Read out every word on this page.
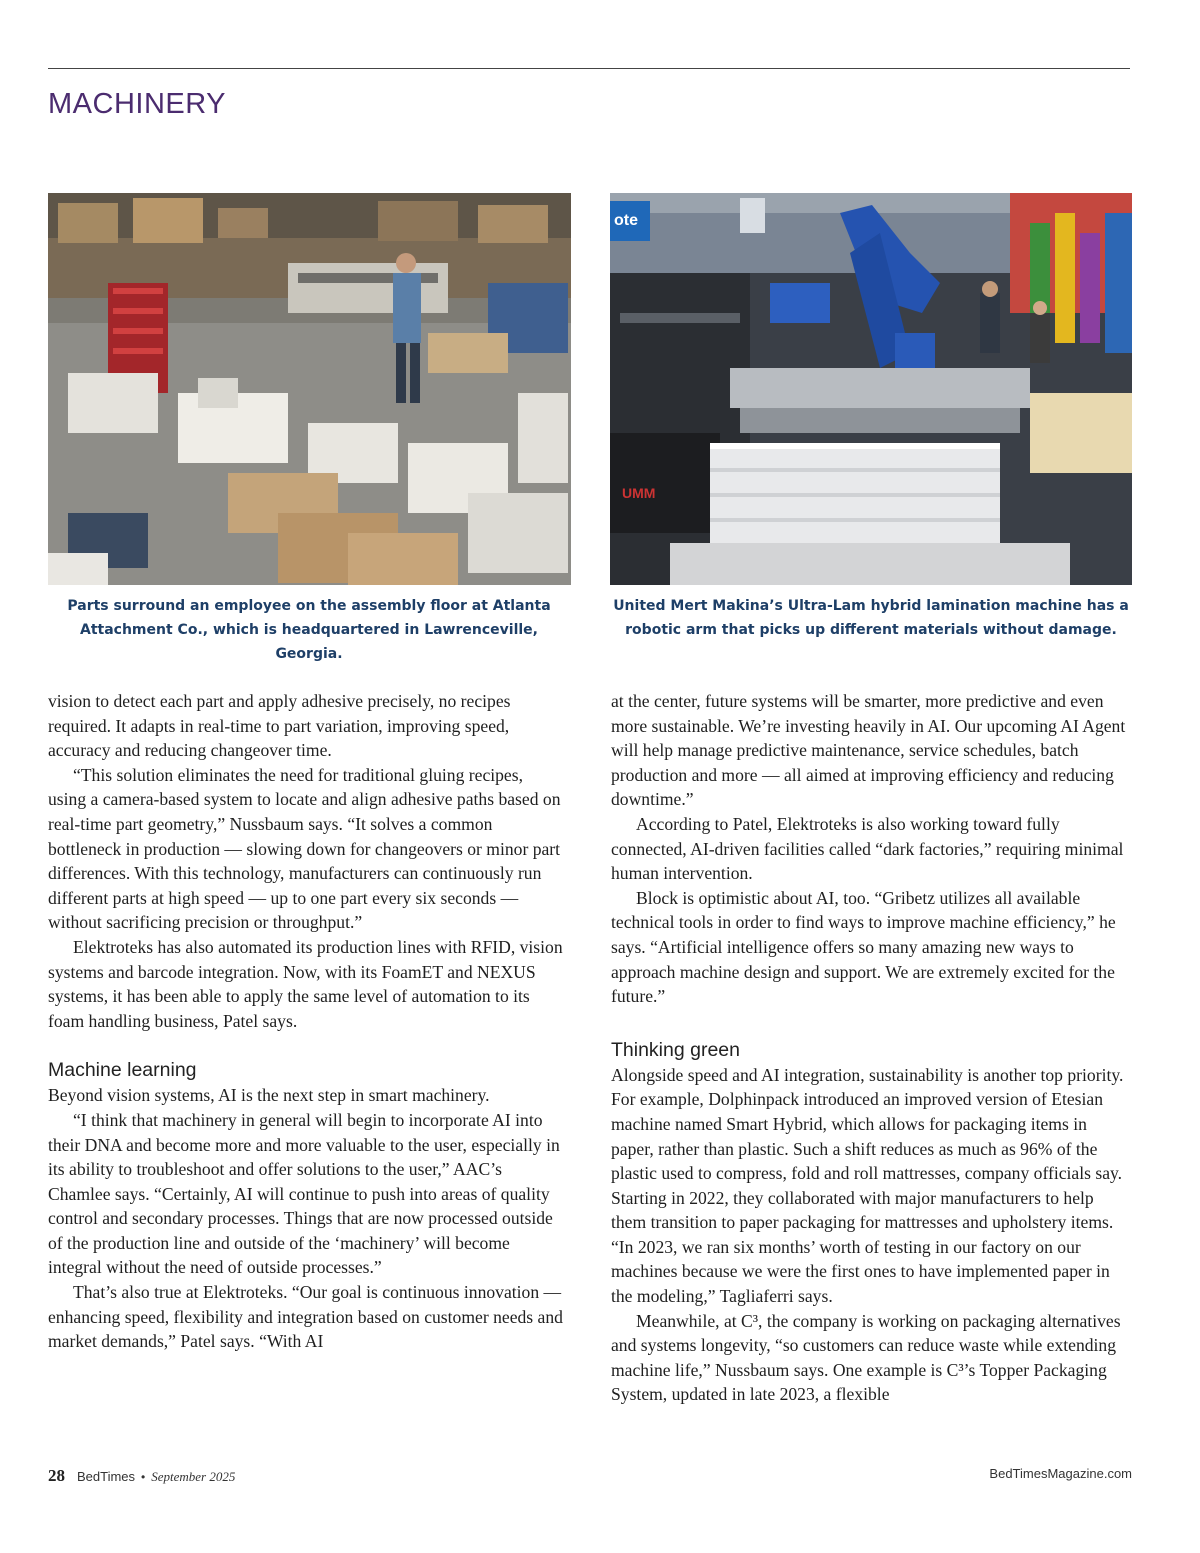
MACHINERY
ote
UMM

Parts surround an employee on the assembly floor at Atlanta Attachment Co., which is headquartered in Lawrenceville, Georgia.

United Mert Makina’s Ultra-Lam hybrid lamination machine has a robotic arm that picks up different materials without damage.

vision to detect each part and apply adhesive precisely, no recipes required. It adapts in real-time to part variation, improving speed, accuracy and reducing changeover time.

“This solution eliminates the need for traditional gluing recipes, using a camera-based system to locate and align adhesive paths based on real-time part geometry,” Nussbaum says. “It solves a common bottleneck in production — slowing down for changeovers or minor part differences. With this technology, manufacturers can continuously run different parts at high speed — up to one part every six seconds — without sacrificing precision or throughput.”

Elektroteks has also automated its production lines with RFID, vision systems and barcode integration. Now, with its FoamET and NEXUS systems, it has been able to apply the same level of automation to its foam handling business, Patel says.

Machine learning

Beyond vision systems, AI is the next step in smart machinery.

“I think that machinery in general will begin to incorporate AI into their DNA and become more and more valuable to the user, especially in its ability to troubleshoot and offer solutions to the user,” AAC’s Chamlee says. “Certainly, AI will continue to push into areas of quality control and secondary processes. Things that are now processed outside of the production line and outside of the ‘machinery’ will become integral without the need of outside processes.”

That’s also true at Elektroteks. “Our goal is continuous innovation — enhancing speed, flexibility and integration based on customer needs and market demands,” Patel says. “With AI

at the center, future systems will be smarter, more predictive and even more sustainable. We’re investing heavily in AI. Our upcoming AI Agent will help manage predictive maintenance, service schedules, batch production and more — all aimed at improving efficiency and reducing downtime.”

According to Patel, Elektroteks is also working toward fully connected, AI-driven facilities called “dark factories,” requiring minimal human intervention.

Block is optimistic about AI, too. “Gribetz utilizes all available technical tools in order to find ways to improve machine efficiency,” he says. “Artificial intelligence offers so many amazing new ways to approach machine design and support. We are extremely excited for the future.”

Thinking green

Alongside speed and AI integration, sustainability is another top priority. For example, Dolphinpack introduced an improved version of Etesian machine named Smart Hybrid, which allows for packaging items in paper, rather than plastic. Such a shift reduces as much as 96% of the plastic used to compress, fold and roll mattresses, company officials say. Starting in 2022, they collaborated with major manufacturers to help them transition to paper packaging for mattresses and upholstery items. “In 2023, we ran six months’ worth of testing in our factory on our machines because we were the first ones to have implemented paper in the modeling,” Tagliaferri says.

Meanwhile, at C³, the company is working on packaging alternatives and systems longevity, “so customers can reduce waste while extending machine life,” Nussbaum says. One example is C³’s Topper Packaging System, updated in late 2023, a flexible

28 BedTimes • September 2025	BedTimesMagazine.com
